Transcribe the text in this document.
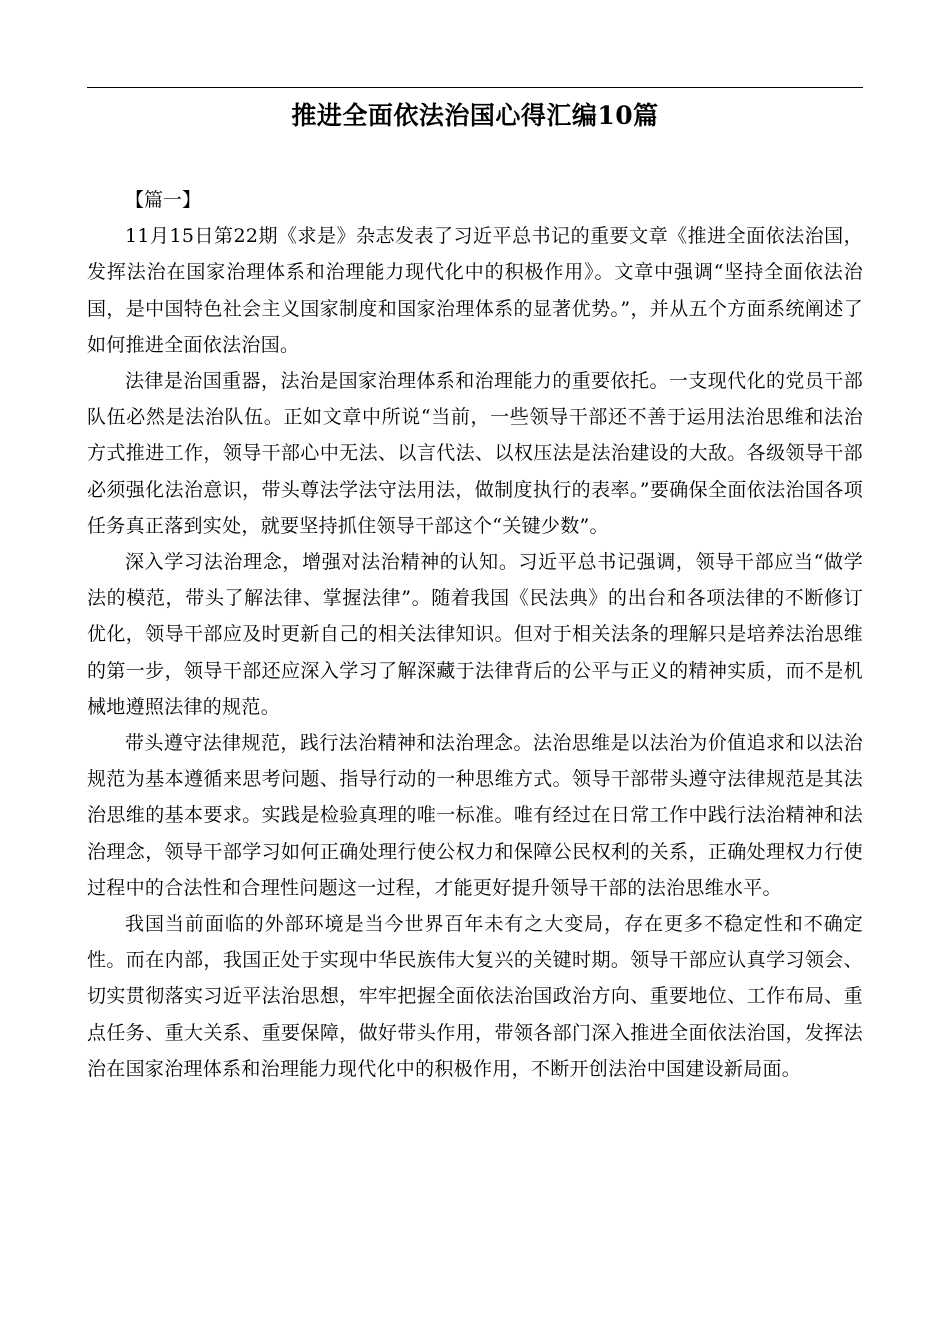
推进全面依法治国心得汇编10篇

【篇一】

11月15日第22期《求是》杂志发表了习近平总书记的重要文章《推进全面依法治国，发挥法治在国家治理体系和治理能力现代化中的积极作用》。文章中强调“坚持全面依法治国，是中国特色社会主义国家制度和国家治理体系的显著优势。”，并从五个方面系统阐述了如何推进全面依法治国。

法律是治国重器，法治是国家治理体系和治理能力的重要依托。一支现代化的党员干部队伍必然是法治队伍。正如文章中所说“当前，一些领导干部还不善于运用法治思维和法治方式推进工作，领导干部心中无法、以言代法、以权压法是法治建设的大敌。各级领导干部必须强化法治意识，带头尊法学法守法用法，做制度执行的表率。”要确保全面依法治国各项任务真正落到实处，就要坚持抓住领导干部这个“关键少数”。

深入学习法治理念，增强对法治精神的认知。习近平总书记强调，领导干部应当“做学法的模范，带头了解法律、掌握法律”。随着我国《民法典》的出台和各项法律的不断修订优化，领导干部应及时更新自己的相关法律知识。但对于相关法条的理解只是培养法治思维的第一步，领导干部还应深入学习了解深藏于法律背后的公平与正义的精神实质，而不是机械地遵照法律的规范。

带头遵守法律规范，践行法治精神和法治理念。法治思维是以法治为价值追求和以法治规范为基本遵循来思考问题、指导行动的一种思维方式。领导干部带头遵守法律规范是其法治思维的基本要求。实践是检验真理的唯一标准。唯有经过在日常工作中践行法治精神和法治理念，领导干部学习如何正确处理行使公权力和保障公民权利的关系，正确处理权力行使过程中的合法性和合理性问题这一过程，才能更好提升领导干部的法治思维水平。

我国当前面临的外部环境是当今世界百年未有之大变局，存在更多不稳定性和不确定性。而在内部，我国正处于实现中华民族伟大复兴的关键时期。领导干部应认真学习领会、切实贯彻落实习近平法治思想，牢牢把握全面依法治国政治方向、重要地位、工作布局、重点任务、重大关系、重要保障，做好带头作用，带领各部门深入推进全面依法治国，发挥法治在国家治理体系和治理能力现代化中的积极作用，不断开创法治中国建设新局面。
